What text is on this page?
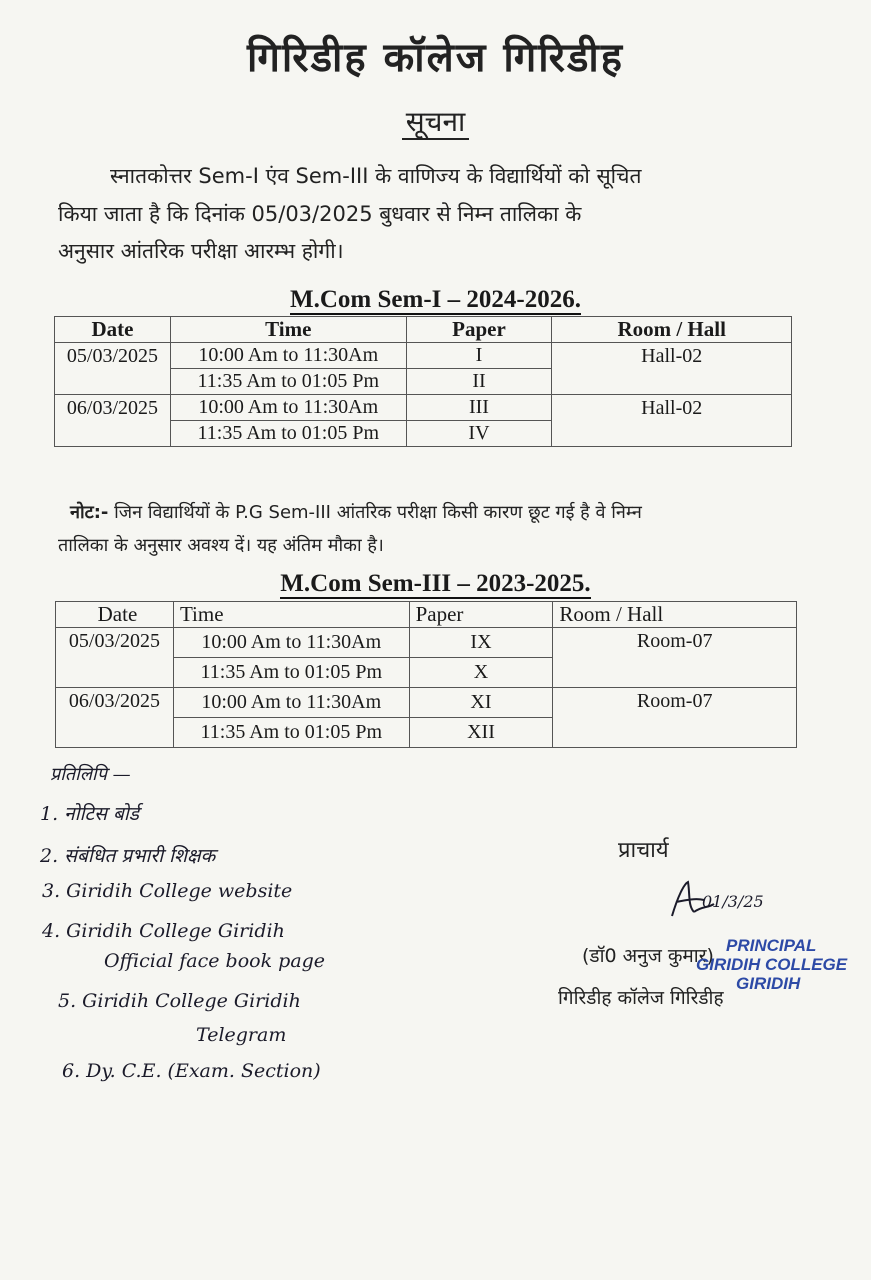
गिरिडीह कॉलेज गिरिडीह
सूचना
स्नातकोत्तर Sem-I एंव Sem-III के वाणिज्य के विद्यार्थियों को सूचित
किया जाता है कि दिनांक 05/03/2025 बुधवार से निम्न तालिका के
अनुसार आंतरिक परीक्षा आरम्भ होगी।
M.Com Sem-I – 2024-2026.
Date	Time	Paper	Room / Hall
05/03/2025	10:00 Am to 11:30Am	I	Hall-02
	11:35 Am to 01:05 Pm	II	
06/03/2025	10:00 Am to 11:30Am	III	Hall-02
	11:35 Am to 01:05 Pm	IV	
नोट:- जिन विद्यार्थियों के P.G Sem-III आंतरिक परीक्षा किसी कारण छूट गई है वे निम्न
तालिका के अनुसार अवश्य दें। यह अंतिम मौका है।
M.Com Sem-III – 2023-2025.
Date	Time	Paper	Room / Hall
05/03/2025	10:00 Am to 11:30Am	IX	Room-07
	11:35 Am to 01:05 Pm	X	
06/03/2025	10:00 Am to 11:30Am	XI	Room-07
	11:35 Am to 01:05 Pm	XII	
प्रतिलिपि —
1. नोटिस बोर्ड
2. संबंधित प्रभारी शिक्षक
3. Giridih College website
4. Giridih College Giridih
Official face book page
5. Giridih College Giridih
Telegram
6. Dy. C.E. (Exam. Section)
प्राचार्य
01/3/25
(डॉ0 अनुज कुमार)
गिरिडीह कॉलेज गिरिडीह
PRINCIPAL
GIRIDIH COLLEGE
GIRIDIH
